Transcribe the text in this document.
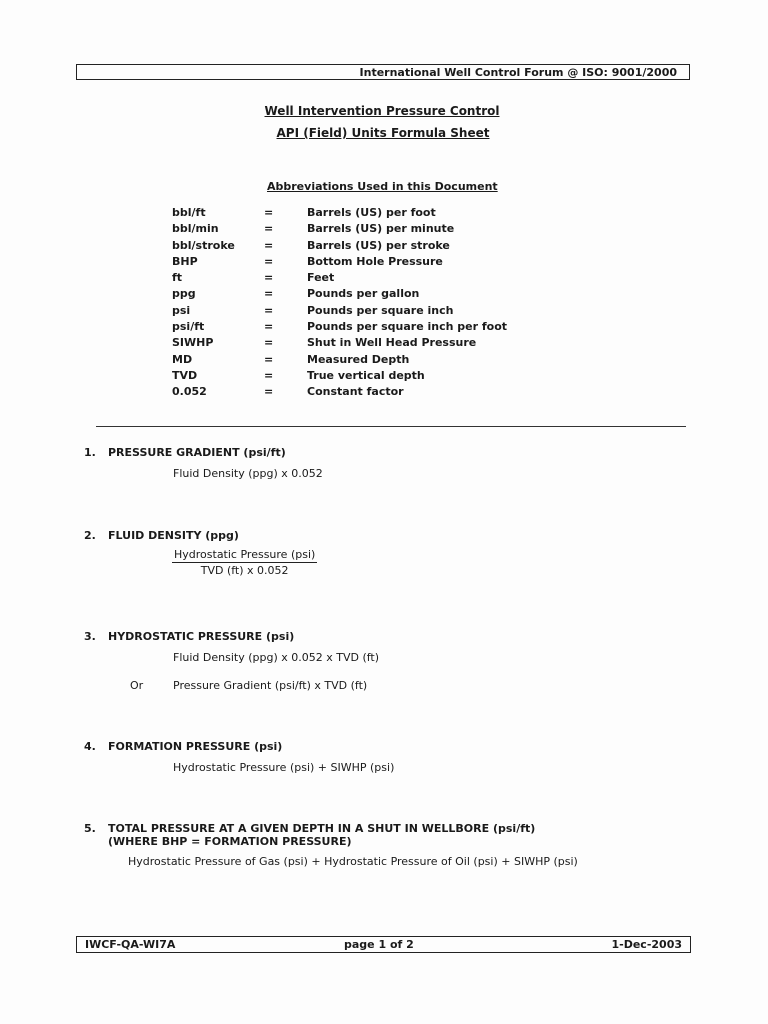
International Well Control Forum @ ISO: 9001/2000
Well Intervention Pressure Control
API (Field) Units Formula Sheet
Abbreviations Used in this Document
bbl/ft	=	Barrels (US) per foot
bbl/min	=	Barrels (US) per minute
bbl/stroke	=	Barrels (US) per stroke
BHP	=	Bottom Hole Pressure
ft	=	Feet
ppg	=	Pounds per gallon
psi	=	Pounds per square inch
psi/ft	=	Pounds per square inch per foot
SIWHP	=	Shut in Well Head Pressure
MD	=	Measured Depth
TVD	=	True vertical depth
0.052	=	Constant factor
1. PRESSURE GRADIENT (psi/ft)
Fluid Density (ppg) x 0.052
2. FLUID DENSITY (ppg)
Hydrostatic Pressure (psi)
TVD (ft) x 0.052
3. HYDROSTATIC PRESSURE (psi)
Fluid Density (ppg) x 0.052 x TVD (ft)
Or	Pressure Gradient (psi/ft) x TVD (ft)
4. FORMATION PRESSURE (psi)
Hydrostatic Pressure (psi) + SIWHP (psi)
5. TOTAL PRESSURE AT A GIVEN DEPTH IN A SHUT IN WELLBORE (psi/ft)
(WHERE BHP = FORMATION PRESSURE)
Hydrostatic Pressure of Gas (psi) + Hydrostatic Pressure of Oil (psi) + SIWHP (psi)
IWCF-QA-WI7A	page 1 of 2	1-Dec-2003
